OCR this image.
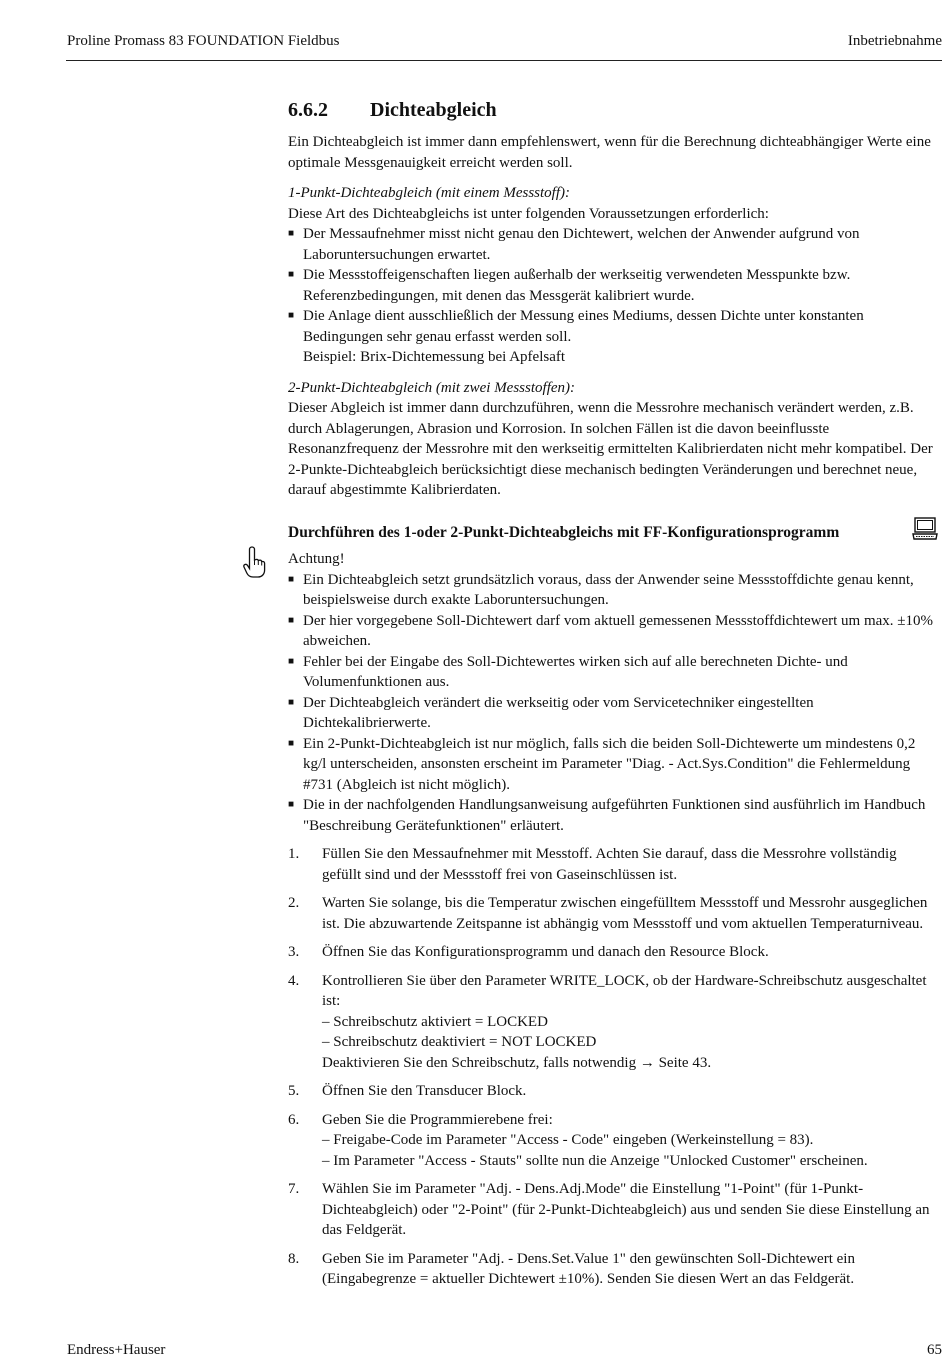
Proline Promass 83 FOUNDATION Fieldbus	Inbetriebnahme
6.6.2 Dichteabgleich

Ein Dichteabgleich ist immer dann empfehlenswert, wenn für die Berechnung dichteabhängiger Werte eine optimale Messgenauigkeit erreicht werden soll.

1-Punkt-Dichteabgleich (mit einem Messstoff):

Diese Art des Dichteabgleichs ist unter folgenden Voraussetzungen erforderlich:

■ Der Messaufnehmer misst nicht genau den Dichtewert, welchen der Anwender aufgrund von Laboruntersuchungen erwartet.
■ Die Messstoffeigenschaften liegen außerhalb der werkseitig verwendeten Messpunkte bzw. Referenzbedingungen, mit denen das Messgerät kalibriert wurde.
■ Die Anlage dient ausschließlich der Messung eines Mediums, dessen Dichte unter konstanten Bedingungen sehr genau erfasst werden soll.
Beispiel: Brix-Dichtemessung bei Apfelsaft

2-Punkt-Dichteabgleich (mit zwei Messstoffen):

Dieser Abgleich ist immer dann durchzuführen, wenn die Messrohre mechanisch verändert werden, z.B. durch Ablagerungen, Abrasion und Korrosion. In solchen Fällen ist die davon beeinflusste Resonanzfrequenz der Messrohre mit den werkseitig ermittelten Kalibrierdaten nicht mehr kompatibel. Der 2-Punkte-Dichteabgleich berücksichtigt diese mechanisch bedingten Veränderungen und berechnet neue, darauf abgestimmte Kalibrierdaten.

Durchführen des 1-oder 2-Punkt-Dichteabgleichs mit FF-Konfigurationsprogramm

Achtung!

■ Ein Dichteabgleich setzt grundsätzlich voraus, dass der Anwender seine Messstoffdichte genau kennt, beispielsweise durch exakte Laboruntersuchungen.
■ Der hier vorgegebene Soll-Dichtewert darf vom aktuell gemessenen Messstoffdichtewert um max. ±10% abweichen.
■ Fehler bei der Eingabe des Soll-Dichtewertes wirken sich auf alle berechneten Dichte- und Volumenfunktionen aus.
■ Der Dichteabgleich verändert die werkseitig oder vom Servicetechniker eingestellten Dichtekalibrierwerte.
■ Ein 2-Punkt-Dichteabgleich ist nur möglich, falls sich die beiden Soll-Dichtewerte um mindestens 0,2 kg/l unterscheiden, ansonsten erscheint im Parameter "Diag. - Act.Sys.Condition" die Fehlermeldung #731 (Abgleich ist nicht möglich).
■ Die in der nachfolgenden Handlungsanweisung aufgeführten Funktionen sind ausführlich im Handbuch "Beschreibung Gerätefunktionen" erläutert.
1. Füllen Sie den Messaufnehmer mit Messtoff. Achten Sie darauf, dass die Messrohre vollständig gefüllt sind und der Messstoff frei von Gaseinschlüssen ist.
2. Warten Sie solange, bis die Temperatur zwischen eingefülltem Messstoff und Messrohr ausgeglichen ist. Die abzuwartende Zeitspanne ist abhängig vom Messstoff und vom aktuellen Temperaturniveau.
3. Öffnen Sie das Konfigurationsprogramm und danach den Resource Block.
4. Kontrollieren Sie über den Parameter WRITE_LOCK, ob der Hardware-Schreibschutz ausgeschaltet ist:
– Schreibschutz aktiviert = LOCKED
– Schreibschutz deaktiviert = NOT LOCKED
Deaktivieren Sie den Schreibschutz, falls notwendig → Seite 43.
5. Öffnen Sie den Transducer Block.
6. Geben Sie die Programmierebene frei:
– Freigabe-Code im Parameter "Access - Code" eingeben (Werkeinstellung = 83).
– Im Parameter "Access - Stauts" sollte nun die Anzeige "Unlocked Customer" erscheinen.
7. Wählen Sie im Parameter "Adj. - Dens.Adj.Mode" die Einstellung "1-Point" (für 1-Punkt-Dichteabgleich) oder "2-Point" (für 2-Punkt-Dichteabgleich) aus und senden Sie diese Einstellung an das Feldgerät.
8. Geben Sie im Parameter "Adj. - Dens.Set.Value 1" den gewünschten Soll-Dichtewert ein (Eingabegrenze = aktueller Dichtewert ±10%). Senden Sie diesen Wert an das Feldgerät.
Endress+Hauser	65
